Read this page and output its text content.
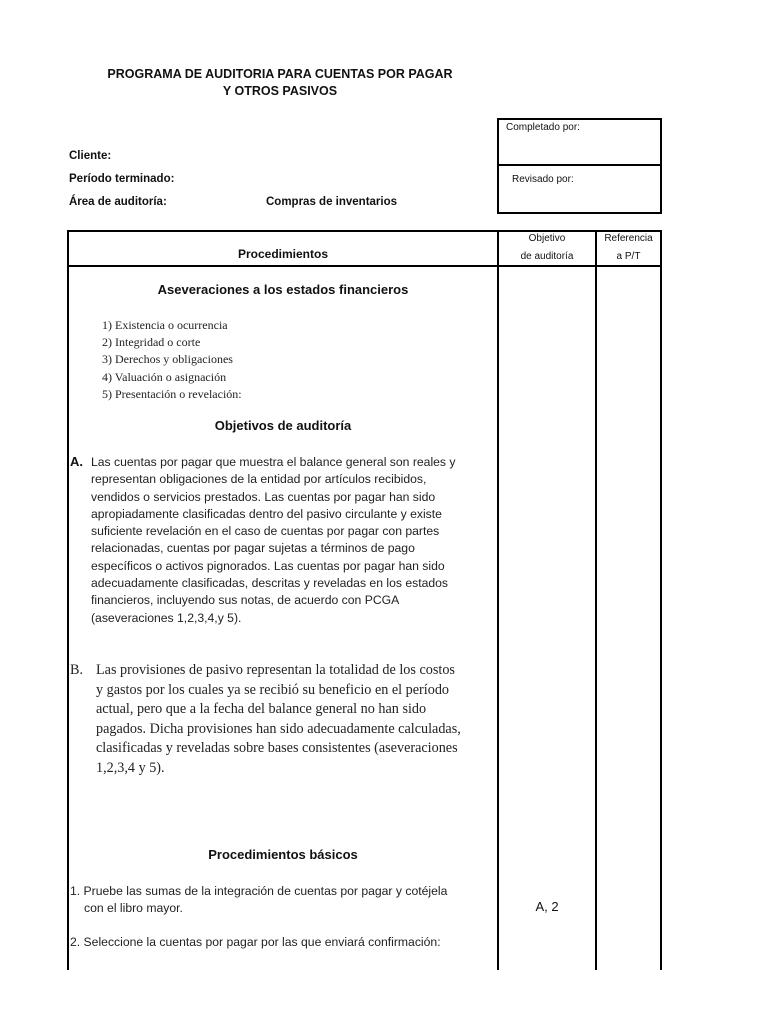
PROGRAMA DE AUDITORIA PARA CUENTAS POR PAGAR
Y OTROS PASIVOS
Completado por:
Revisado por:
Cliente:
Período terminado:
Área de auditoría:	Compras de inventarios
Procedimientos
Objetivo
de auditoría
Referencia
a P/T
Aseveraciones a los estados financieros
1) Existencia o ocurrencia
2) Integridad o corte
3) Derechos y obligaciones
4) Valuación o asignación
5) Presentación o revelación:
Objetivos de auditoría
A. Las cuentas por pagar que muestra el balance general son reales y
representan obligaciones de la entidad por artículos recibidos,
vendidos o servicios prestados. Las cuentas por pagar han sido
apropiadamente clasificadas dentro del pasivo circulante y existe
suficiente revelación en el caso de cuentas por pagar con partes
relacionadas, cuentas por pagar sujetas a términos de pago
específicos o activos pignorados. Las cuentas por pagar han sido
adecuadamente clasificadas, descritas y reveladas en los estados
financieros, incluyendo sus notas, de acuerdo con PCGA
(aseveraciones 1,2,3,4,y 5).
B. Las provisiones de pasivo representan la totalidad de los costos
y gastos por los cuales ya se recibió su beneficio en el período
actual, pero que a la fecha del balance general no han sido
pagados. Dicha provisiones han sido adecuadamente calculadas,
clasificadas y reveladas sobre bases consistentes (aseveraciones
1,2,3,4 y 5).
Procedimientos básicos
1. Pruebe las sumas de la integración de cuentas por pagar y cotéjela
con el libro mayor.	A, 2
2. Seleccione la cuentas por pagar por las que enviará confirmación:
